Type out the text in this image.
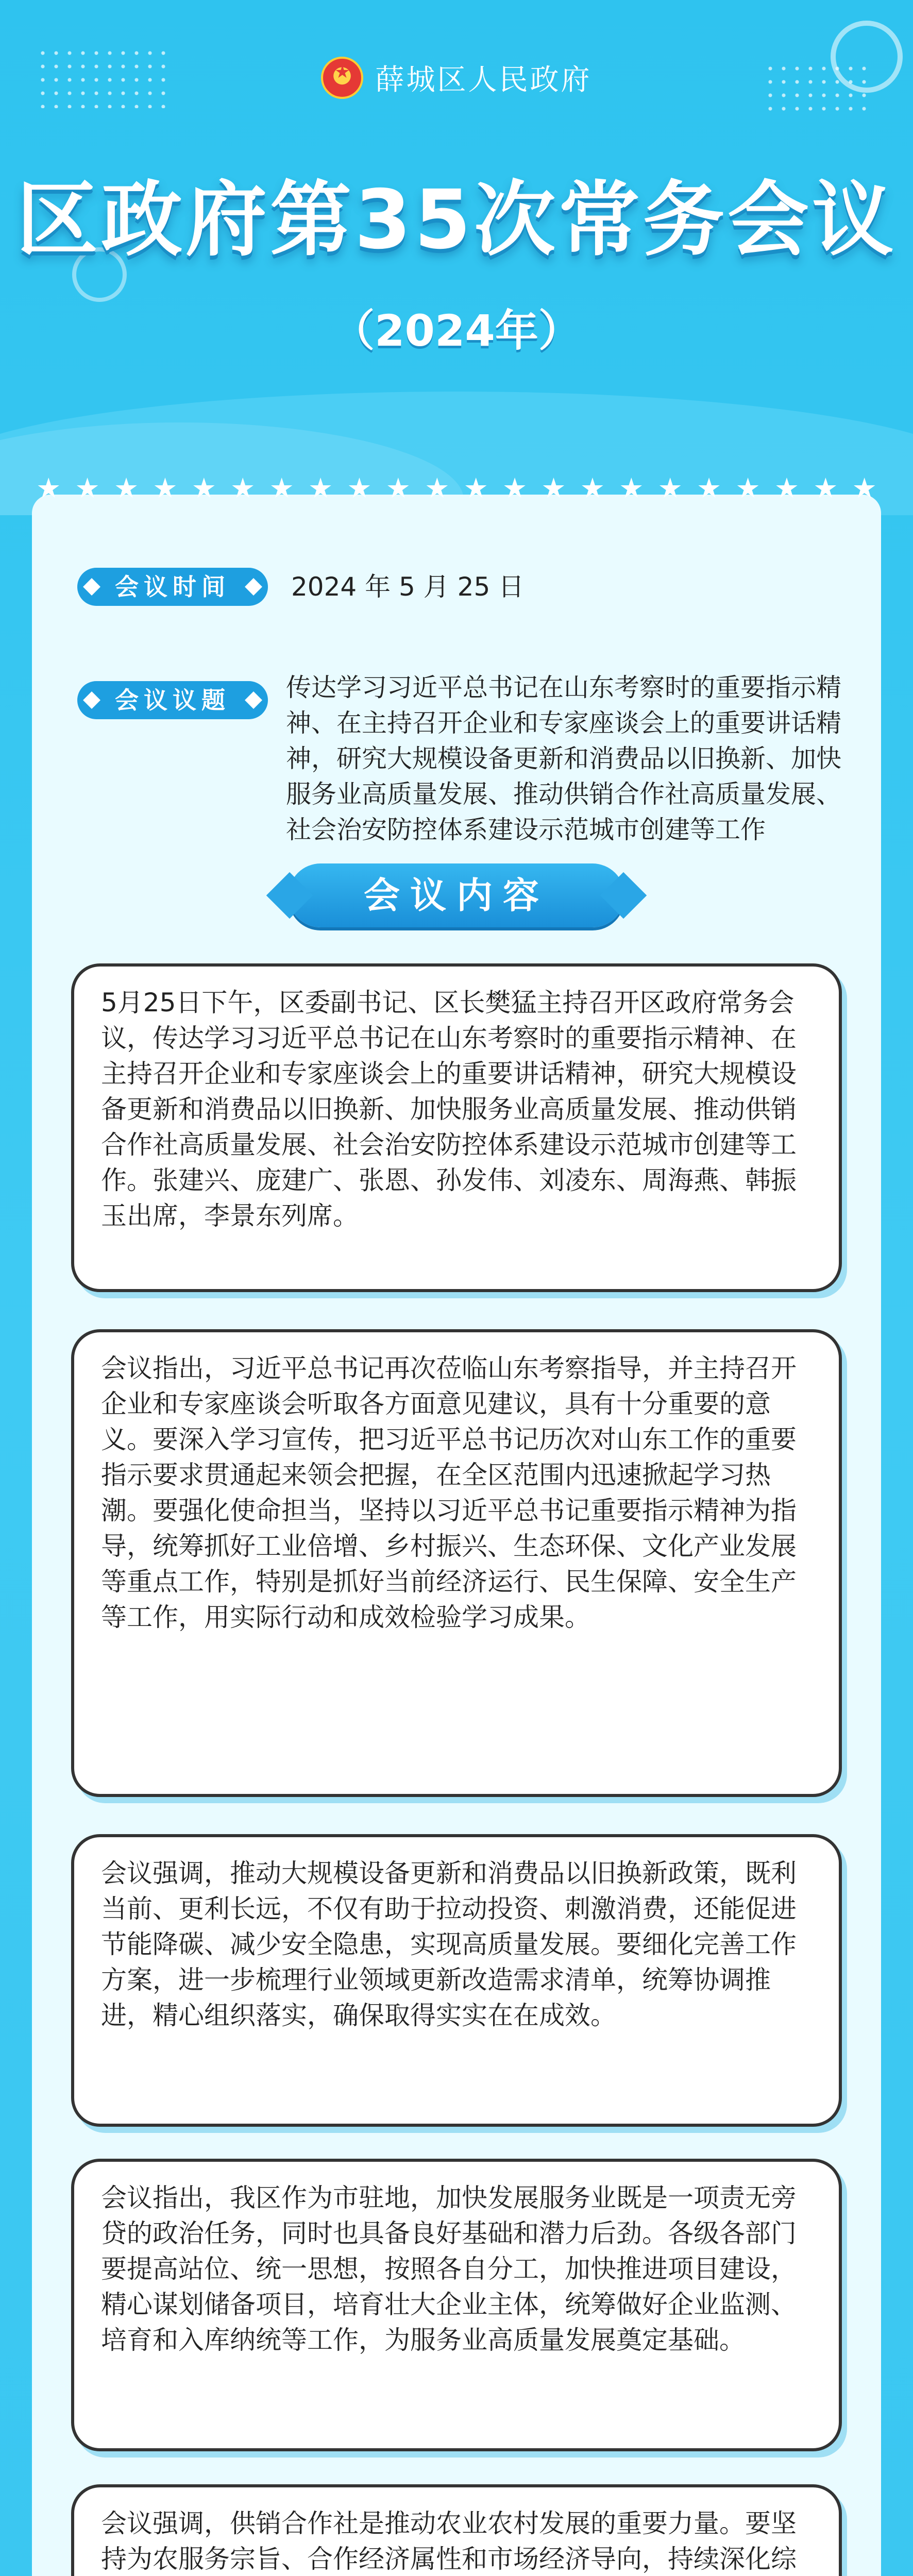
★ 薛城区人民政府
区政府第35次常务会议
（2024年）
★ ★ ★ ★ ★ ★ ★ ★ ★ ★ ★ ★ ★ ★ ★ ★ ★ ★ ★ ★ ★ ★
会议时间	2024 年 5 月 25 日
会议议题	传达学习习近平总书记在山东考察时的重要指示精神、在主持召开企业和专家座谈会上的重要讲话精神，研究大规模设备更新和消费品以旧换新、加快服务业高质量发展、推动供销合作社高质量发展、社会治安防控体系建设示范城市创建等工作
会议内容
5月25日下午，区委副书记、区长樊猛主持召开区政府常务会议，传达学习习近平总书记在山东考察时的重要指示精神、在主持召开企业和专家座谈会上的重要讲话精神，研究大规模设备更新和消费品以旧换新、加快服务业高质量发展、推动供销合作社高质量发展、社会治安防控体系建设示范城市创建等工作。张建兴、庞建广、张恩、孙发伟、刘凌东、周海燕、韩振玉出席，李景东列席。
会议指出，习近平总书记再次莅临山东考察指导，并主持召开企业和专家座谈会听取各方面意见建议，具有十分重要的意义。要深入学习宣传，把习近平总书记历次对山东工作的重要指示要求贯通起来领会把握，在全区范围内迅速掀起学习热潮。要强化使命担当，坚持以习近平总书记重要指示精神为指导，统筹抓好工业倍增、乡村振兴、生态环保、文化产业发展等重点工作，特别是抓好当前经济运行、民生保障、安全生产等工作，用实际行动和成效检验学习成果。
会议强调，推动大规模设备更新和消费品以旧换新政策，既利当前、更利长远，不仅有助于拉动投资、刺激消费，还能促进节能降碳、减少安全隐患，实现高质量发展。要细化完善工作方案，进一步梳理行业领域更新改造需求清单，统筹协调推进，精心组织落实，确保取得实实在在成效。
会议指出，我区作为市驻地，加快发展服务业既是一项责无旁贷的政治任务，同时也具备良好基础和潜力后劲。各级各部门要提高站位、统一思想，按照各自分工，加快推进项目建设，精心谋划储备项目，培育壮大企业主体，统筹做好企业监测、培育和入库纳统等工作，为服务业高质量发展奠定基础。
会议强调，供销合作社是推动农业农村发展的重要力量。要坚持为农服务宗旨、合作经济属性和市场经济导向，持续深化综
